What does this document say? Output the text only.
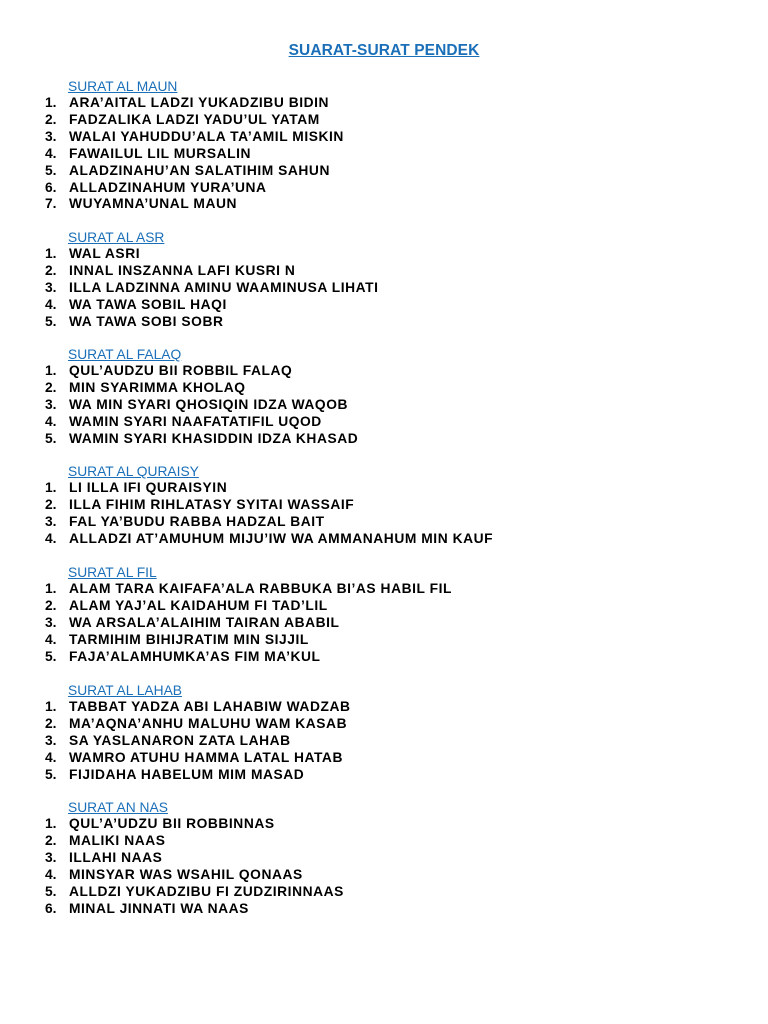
SUARAT-SURAT PENDEK
SURAT AL MAUN
1. ARA’AITAL LADZI YUKADZIBU BIDIN
2. FADZALIKA LADZI YADU’UL YATAM
3. WALAI YAHUDDU’ALA TA’AMIL MISKIN
4. FAWAILUL LIL MURSALIN
5. ALADZINAHU’AN SALATIHIM SAHUN
6. ALLADZINAHUM YURA’UNA
7. WUYAMNA’UNAL MAUN
SURAT AL ASR
1. WAL ASRI
2. INNAL INSZANNA LAFI KUSRI N
3. ILLA LADZINNA AMINU WAAMINUSA LIHATI
4. WA TAWA SOBIL HAQI
5. WA TAWA SOBI SOBR
SURAT AL FALAQ
1. QUL’AUDZU BII ROBBIL FALAQ
2. MIN SYARIMMA KHOLAQ
3. WA MIN SYARI QHOSIQIN IDZA WAQOB
4. WAMIN SYARI NAAFATATIFIL UQOD
5. WAMIN SYARI KHASIDDIN IDZA KHASAD
SURAT AL QURAISY
1. LI ILLA IFI QURAISYIN
2. ILLA FIHIM RIHLATASY SYITAI WASSAIF
3. FAL YA’BUDU RABBA HADZAL BAIT
4. ALLADZI AT’AMUHUM MIJU’IW WA AMMANAHUM MIN KAUF
SURAT AL FIL
1. ALAM TARA KAIFAFA’ALA RABBUKA BI’AS HABIL FIL
2. ALAM YAJ’AL KAIDAHUM FI TAD’LIL
3. WA ARSALA’ALAIHIM TAIRAN ABABIL
4. TARMIHIM BIHIJRATIM MIN SIJJIL
5. FAJA’ALAMHUMKA’AS FIM MA’KUL
SURAT AL LAHAB
1. TABBAT YADZA ABI LAHABIW WADZAB
2. MA’AQNA’ANHU MALUHU WAM KASAB
3. SA YASLANARON ZATA LAHAB
4. WAMRO ATUHU HAMMA LATAL HATAB
5. FIJIDAHA HABELUM MIM MASAD
SURAT AN NAS
1. QUL’A’UDZU BII ROBBINNAS
2. MALIKI NAAS
3. ILLAHI NAAS
4. MINSYAR WAS WSAHIL QONAAS
5. ALLDZI YUKADZIBU FI ZUDZIRINNAAS
6. MINAL JINNATI WA NAAS
